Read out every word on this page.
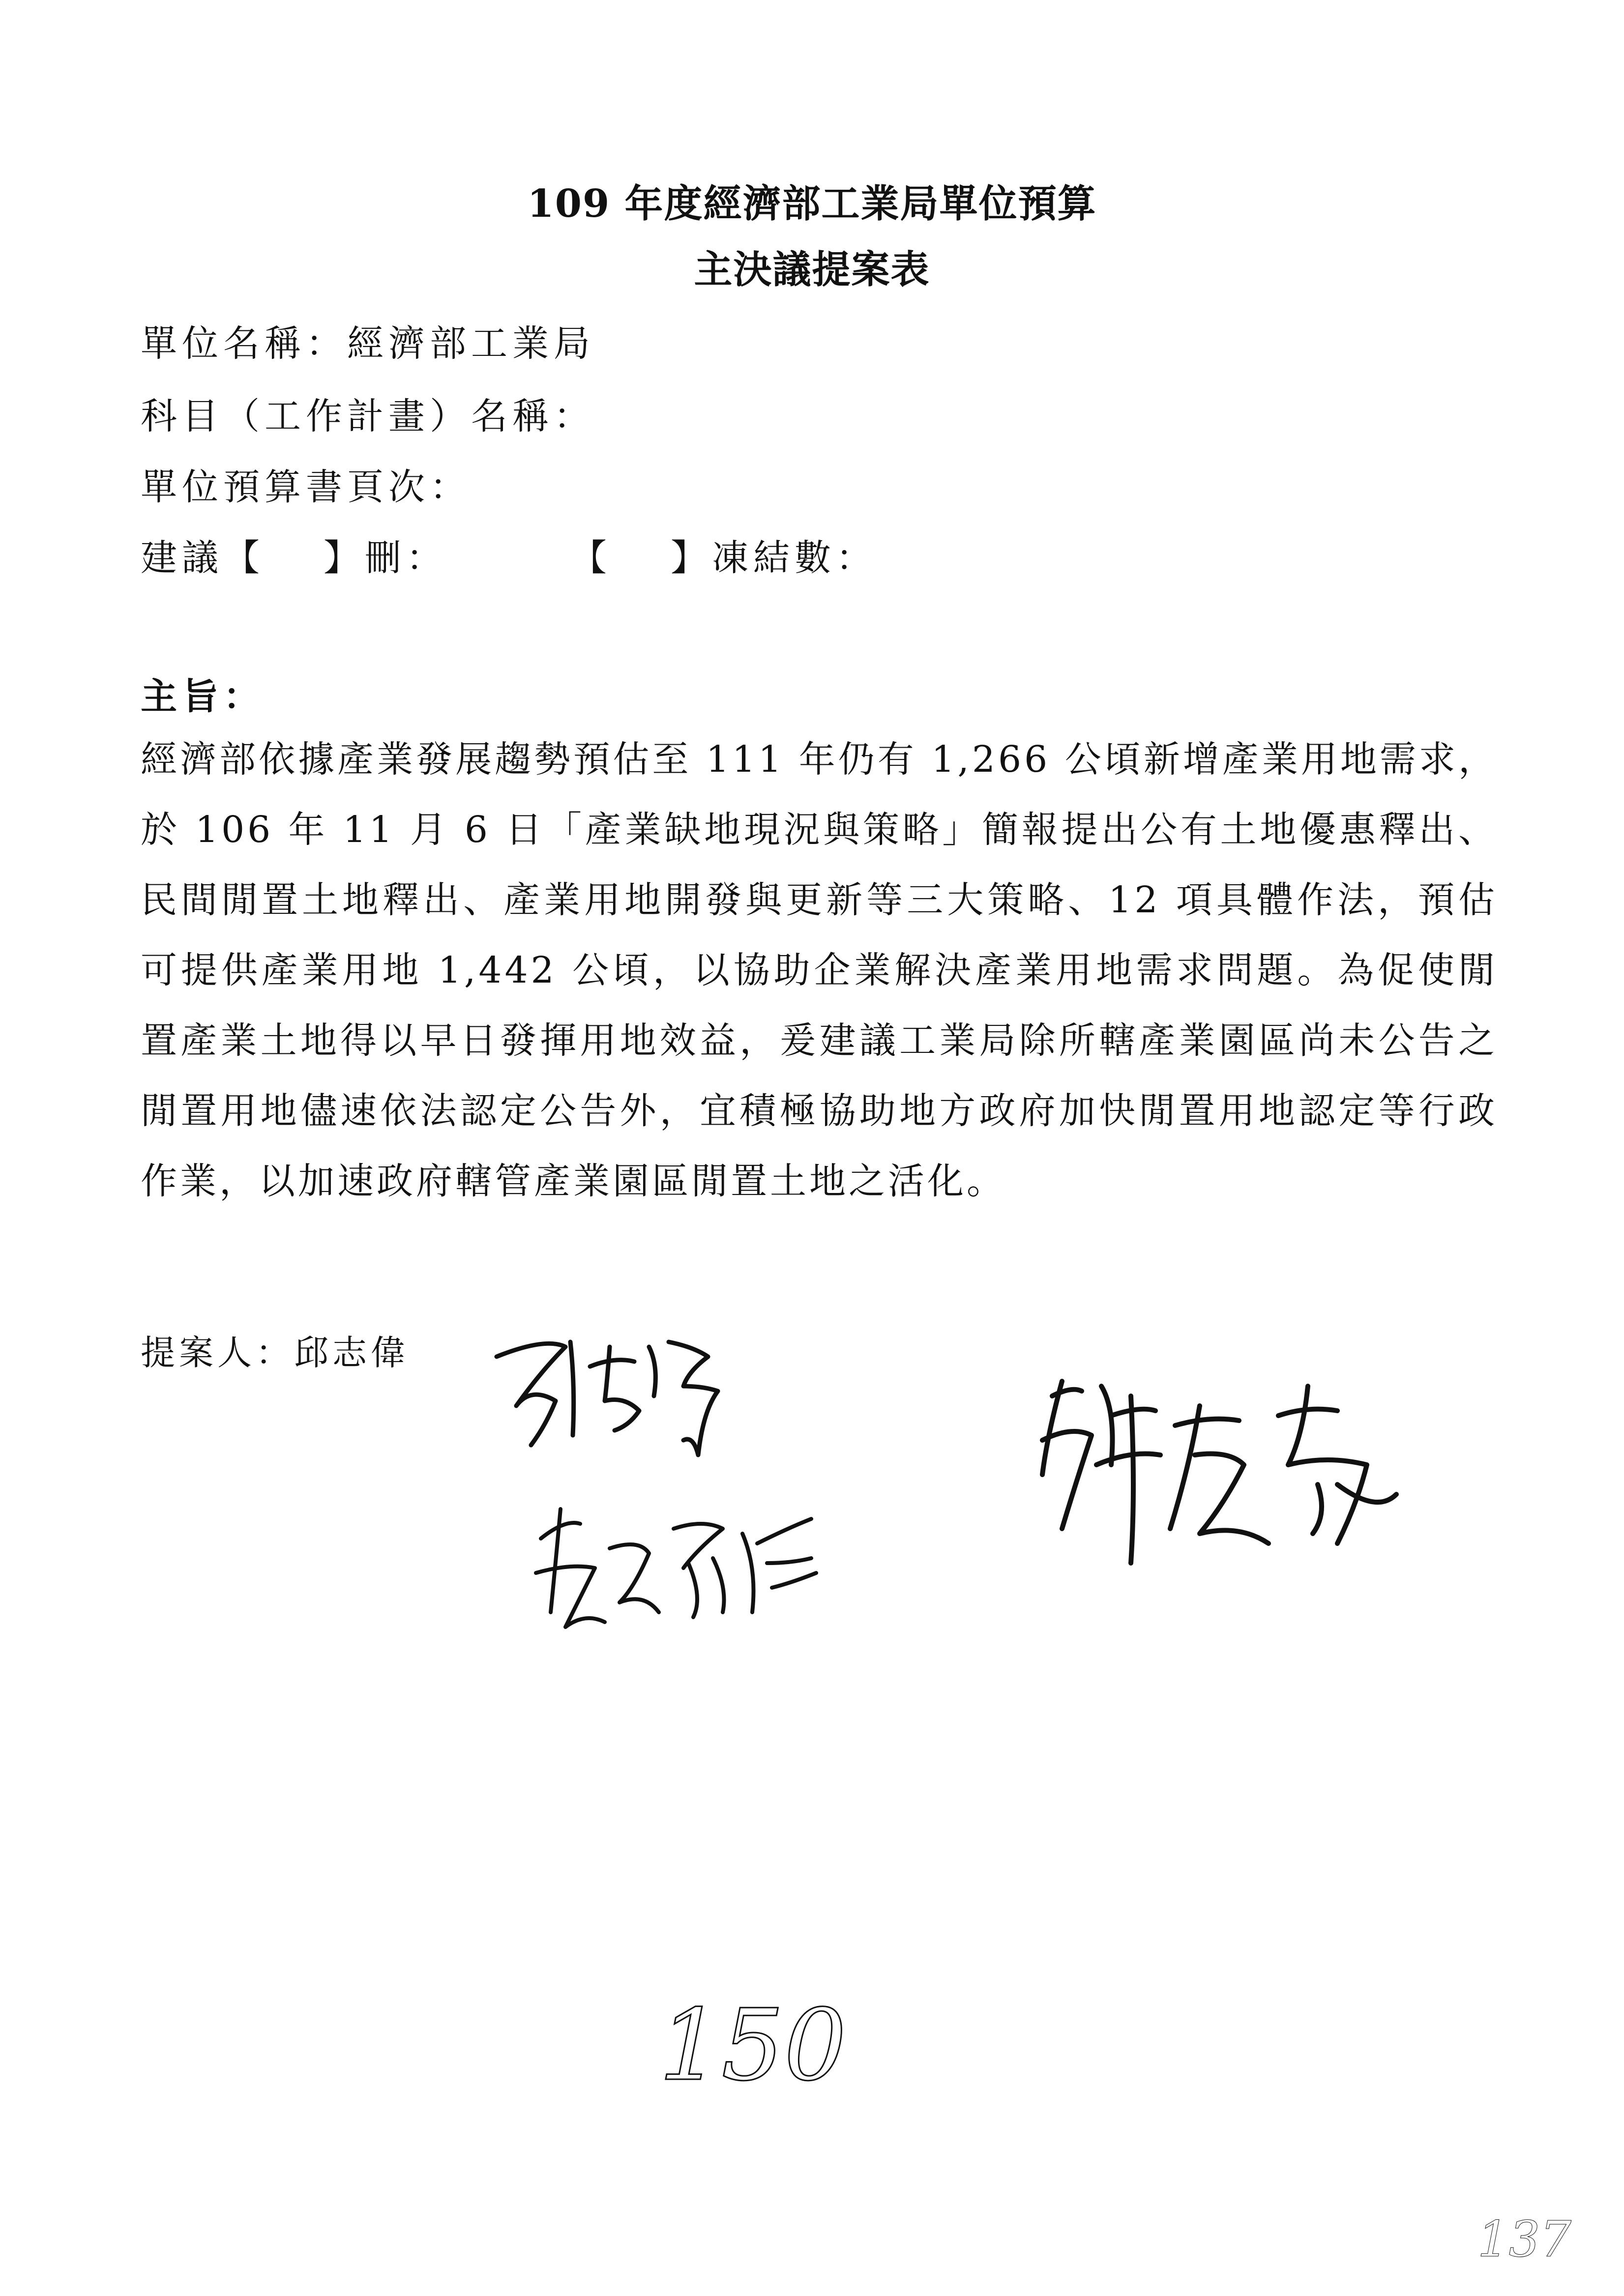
109 年度經濟部工業局單位預算
主決議提案表
單位名稱：經濟部工業局
科目（工作計畫）名稱：
單位預算書頁次：
建議【 】刪：	【 】凍結數：
主旨：
經濟部依據產業發展趨勢預估至 111 年仍有 1,266 公頃新增產業用地需求，於 106 年 11 月 6 日「產業缺地現況與策略」簡報提出公有土地優惠釋出、民間閒置土地釋出、產業用地開發與更新等三大策略、12 項具體作法，預估可提供產業用地 1,442 公頃，以協助企業解決產業用地需求問題。為促使閒置產業土地得以早日發揮用地效益，爰建議工業局除所轄產業園區尚未公告之閒置用地儘速依法認定公告外，宜積極協助地方政府加快閒置用地認定等行政作業，以加速政府轄管產業園區閒置土地之活化。
提案人：邱志偉
150
137
